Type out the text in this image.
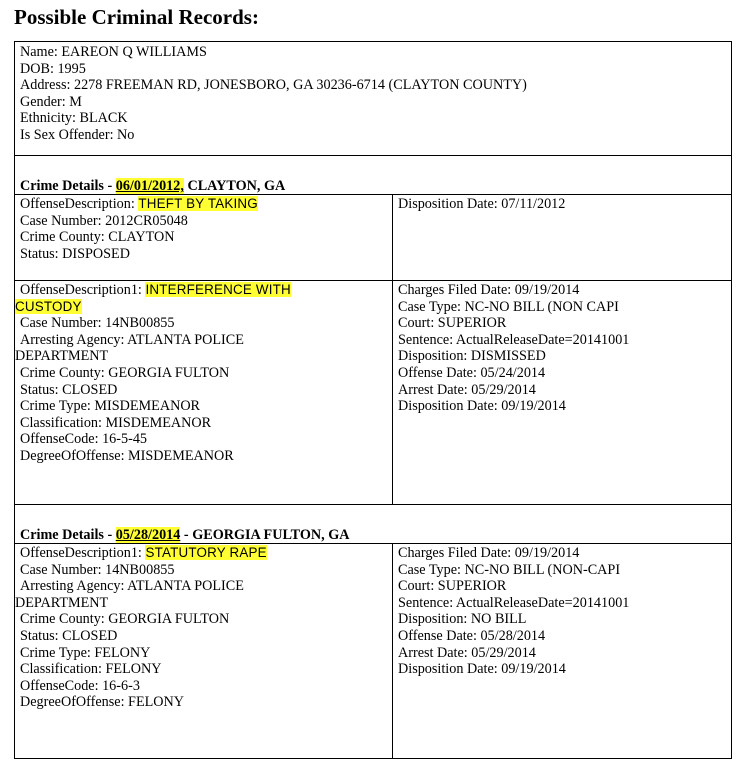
Possible Criminal Records:
Name: EAREON Q WILLIAMS
DOB: 1995
Address: 2278 FREEMAN RD, JONESBORO, GA 30236-6714 (CLAYTON COUNTY)
Gender: M
Ethnicity: BLACK
Is Sex Offender: No
Crime Details - 06/01/2012, CLAYTON, GA
OffenseDescription: THEFT BY TAKING
Case Number: 2012CR05048
Crime County: CLAYTON
Status: DISPOSED
Disposition Date: 07/11/2012
OffenseDescription1: INTERFERENCE WITH
CUSTODY
Case Number: 14NB00855
Arresting Agency: ATLANTA POLICE
DEPARTMENT
Crime County: GEORGIA FULTON
Status: CLOSED
Crime Type: MISDEMEANOR
Classification: MISDEMEANOR
OffenseCode: 16-5-45
DegreeOfOffense: MISDEMEANOR
Charges Filed Date: 09/19/2014
Case Type: NC-NO BILL (NON CAPI
Court: SUPERIOR
Sentence: ActualReleaseDate=20141001
Disposition: DISMISSED
Offense Date: 05/24/2014
Arrest Date: 05/29/2014
Disposition Date: 09/19/2014
Crime Details - 05/28/2014 - GEORGIA FULTON, GA
OffenseDescription1: STATUTORY RAPE
Case Number: 14NB00855
Arresting Agency: ATLANTA POLICE
DEPARTMENT
Crime County: GEORGIA FULTON
Status: CLOSED
Crime Type: FELONY
Classification: FELONY
OffenseCode: 16-6-3
DegreeOfOffense: FELONY
Charges Filed Date: 09/19/2014
Case Type: NC-NO BILL (NON-CAPI
Court: SUPERIOR
Sentence: ActualReleaseDate=20141001
Disposition: NO BILL
Offense Date: 05/28/2014
Arrest Date: 05/29/2014
Disposition Date: 09/19/2014
